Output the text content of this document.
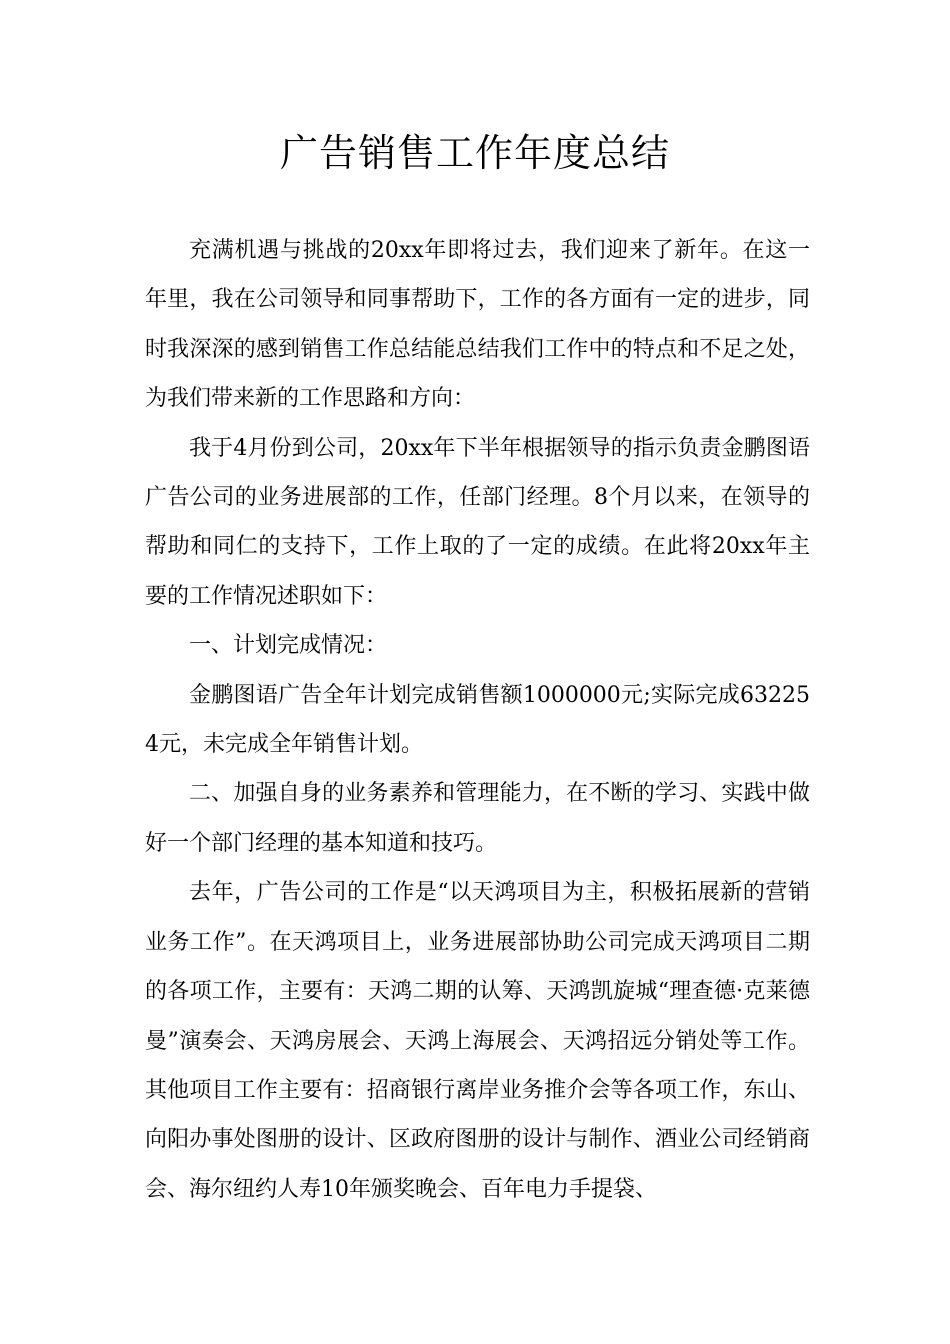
广告销售工作年度总结

充满机遇与挑战的20xx年即将过去，我们迎来了新年。在这一年里，我在公司领导和同事帮助下，工作的各方面有一定的进步，同时我深深的感到销售工作总结能总结我们工作中的特点和不足之处，为我们带来新的工作思路和方向：

我于4月份到公司，20xx年下半年根据领导的指示负责金鹏图语广告公司的业务进展部的工作，任部门经理。8个月以来，在领导的帮助和同仁的支持下，工作上取的了一定的成绩。在此将20xx年主要的工作情况述职如下：

一、计划完成情况：

金鹏图语广告全年计划完成销售额1000000元;实际完成632254元，未完成全年销售计划。

二、加强自身的业务素养和管理能力，在不断的学习、实践中做好一个部门经理的基本知道和技巧。

去年，广告公司的工作是“以天鸿项目为主，积极拓展新的营销业务工作”。在天鸿项目上，业务进展部协助公司完成天鸿项目二期的各项工作，主要有：天鸿二期的认筹、天鸿凯旋城“理查德·克莱德曼”演奏会、天鸿房展会、天鸿上海展会、天鸿招远分销处等工作。其他项目工作主要有：招商银行离岸业务推介会等各项工作，东山、向阳办事处图册的设计、区政府图册的设计与制作、酒业公司经销商会、海尔纽约人寿10年颁奖晚会、百年电力手提袋、
